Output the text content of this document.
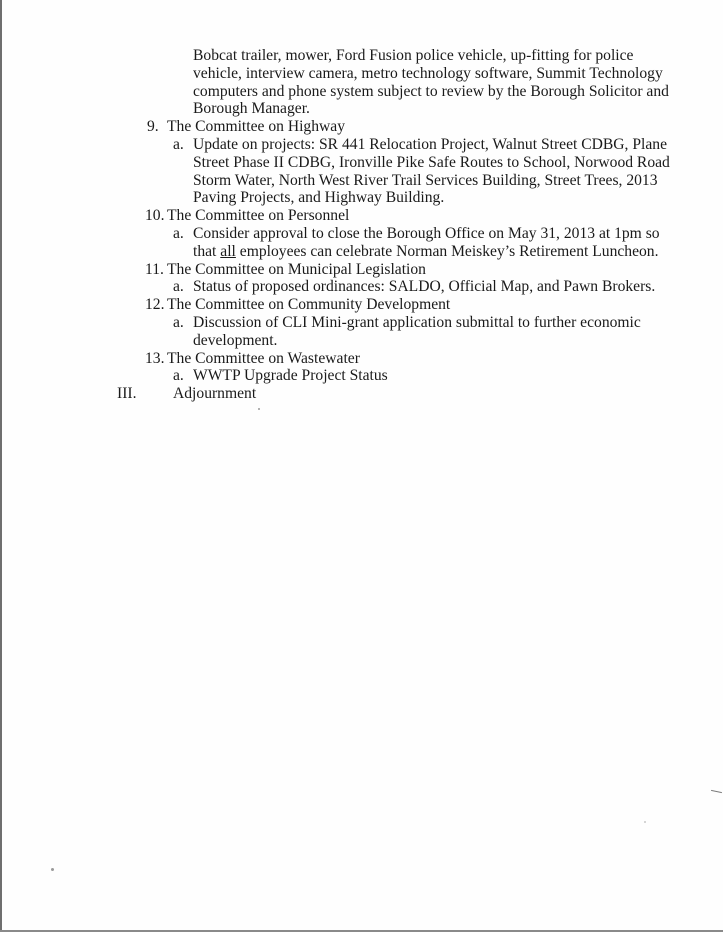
Bobcat trailer, mower, Ford Fusion police vehicle, up-fitting for police
vehicle, interview camera, metro technology software, Summit Technology
computers and phone system subject to review by the Borough Solicitor and
Borough Manager.
9. The Committee on Highway
a. Update on projects: SR 441 Relocation Project, Walnut Street CDBG, Plane
Street Phase II CDBG, Ironville Pike Safe Routes to School, Norwood Road
Storm Water, North West River Trail Services Building, Street Trees, 2013
Paving Projects, and Highway Building.
10. The Committee on Personnel
a. Consider approval to close the Borough Office on May 31, 2013 at 1pm so
that all employees can celebrate Norman Meiskey’s Retirement Luncheon.
11. The Committee on Municipal Legislation
a. Status of proposed ordinances: SALDO, Official Map, and Pawn Brokers.
12. The Committee on Community Development
a. Discussion of CLI Mini-grant application submittal to further economic
development.
13. The Committee on Wastewater
a. WWTP Upgrade Project Status
III. Adjournment
